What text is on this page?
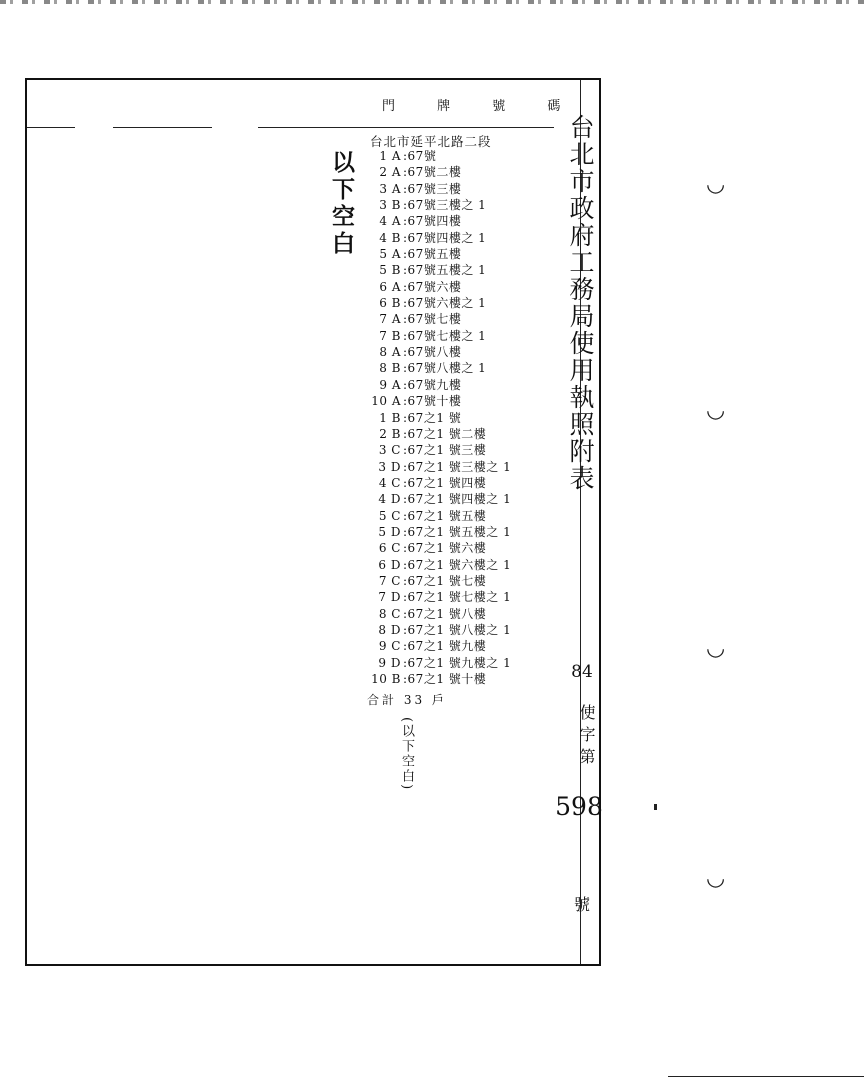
門 牌 號 碼
台北市延平北路二段
1 A :67號
2 A :67號二樓
3 A :67號三樓
3 B :67號三樓之 1
4 A :67號四樓
4 B :67號四樓之 1
5 A :67號五樓
5 B :67號五樓之 1
6 A :67號六樓
6 B :67號六樓之 1
7 A :67號七樓
7 B :67號七樓之 1
8 A :67號八樓
8 B :67號八樓之 1
9 A :67號九樓
10 A :67號十樓
1 B :67之1 號
2 B :67之1 號二樓
3 C :67之1 號三樓
3 D :67之1 號三樓之 1
4 C :67之1 號四樓
4 D :67之1 號四樓之 1
5 C :67之1 號五樓
5 D :67之1 號五樓之 1
6 C :67之1 號六樓
6 D :67之1 號六樓之 1
7 C :67之1 號七樓
7 D :67之1 號七樓之 1
8 C :67之1 號八樓
8 D :67之1 號八樓之 1
9 C :67之1 號九樓
9 D :67之1 號九樓之 1
10 B :67之1 號十樓
合計 33 戶
(以下空白)
以下空白	台北市政府工務局使用執照附表
84
使字第
598
號
◡
◡
◡
◡
